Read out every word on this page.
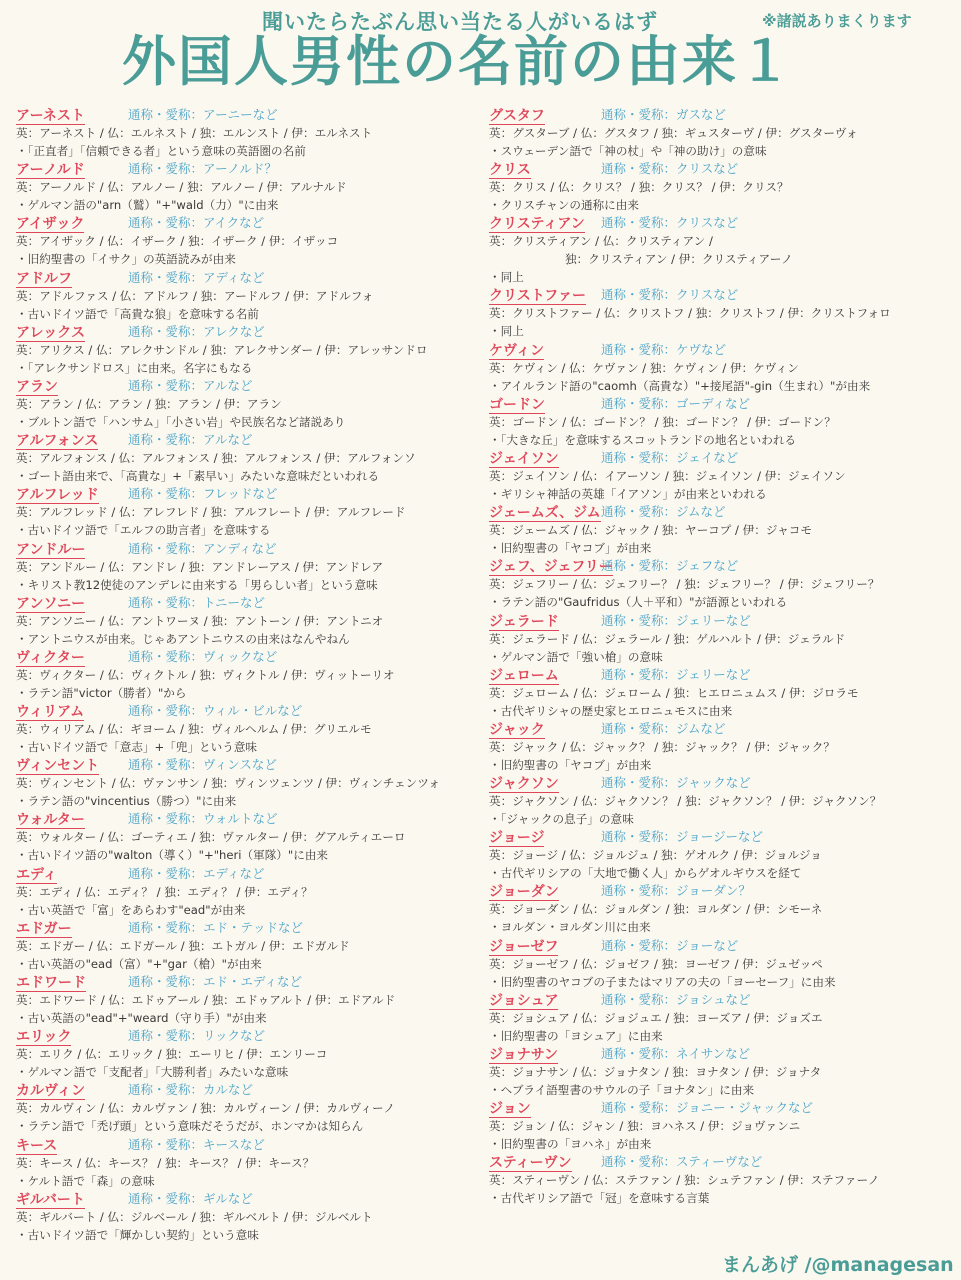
聞いたらたぶん思い当たる人がいるはず	※諸説ありまくります
外国人男性の名前の由来１
アーネスト	通称・愛称：アーニーなど
英：アーネスト / 仏：エルネスト / 独：エルンスト / 伊：エルネスト
・「正直者」「信頼できる者」という意味の英語圏の名前
アーノルド	通称・愛称：アーノルド？
英：アーノルド / 仏：アルノー / 独：アルノー / 伊：アルナルド
・ゲルマン語の"arn（鷲）"+"wald（力）"に由来
アイザック	通称・愛称：アイクなど
英：アイザック / 仏：イザーク / 独：イザーク / 伊：イザッコ
・旧約聖書の「イサク」の英語読みが由来
アドルフ	通称・愛称：アディなど
英：アドルファス / 仏：アドルフ / 独：アードルフ / 伊：アドルフォ
・古いドイツ語で「高貴な狼」を意味する名前
アレックス	通称・愛称：アレクなど
英：アリクス / 仏：アレクサンドル / 独：アレクサンダー / 伊：アレッサンドロ
・「アレクサンドロス」に由来。名字にもなる
アラン	通称・愛称：アルなど
英：アラン / 仏：アラン / 独：アラン / 伊：アラン
・ブルトン語で「ハンサム」「小さい岩」や民族名など諸説あり
アルフォンス 通称・愛称：アルなど
英：アルフォンス / 仏：アルフォンス / 独：アルフォンス / 伊：アルフォンソ
・ゴート語由来で、「高貴な」+「素早い」みたいな意味だといわれる
アルフレッド 通称・愛称：フレッドなど
英：アルフレッド / 仏：アレフレド / 独：アルフレート / 伊：アルフレード
・古いドイツ語で「エルフの助言者」を意味する
アンドルー	通称・愛称：アンディなど
英：アンドルー / 仏：アンドレ / 独：アンドレーアス / 伊：アンドレア
・キリスト教12使徒のアンデレに由来する「男らしい者」という意味
アンソニー	通称・愛称：トニーなど
英：アンソニー / 仏：アントワーヌ / 独：アントーン / 伊：アントニオ
・アントニウスが由来。じゃあアントニウスの由来はなんやねん
ヴィクター	通称・愛称：ヴィックなど
英：ヴィクター / 仏：ヴィクトル / 独：ヴィクトル / 伊：ヴィットーリオ
・ラテン語"victor（勝者）"から
ウィリアム	通称・愛称：ウィル・ビルなど
英：ウィリアム / 仏：ギヨーム / 独：ヴィルヘルム / 伊：グリエルモ
・古いドイツ語で「意志」+「兜」という意味
ヴィンセント 通称・愛称：ヴィンスなど
英：ヴィンセント / 仏：ヴァンサン / 独：ヴィンツェンツ / 伊：ヴィンチェンツォ
・ラテン語の"vincentius（勝つ）"に由来
ウォルター	通称・愛称：ウォルトなど
英：ウォルター / 仏：ゴーティエ / 独：ヴァルター / 伊：グアルティエーロ
・古いドイツ語の"walton（導く）"+"heri（軍隊）"に由来
エディ	通称・愛称：エディなど
英：エディ / 仏：エディ？ / 独：エディ？ / 伊：エディ？
・古い英語で「富」をあらわす"ead"が由来
エドガー	通称・愛称：エド・テッドなど
英：エドガー / 仏：エドガール / 独：エトガル / 伊：エドガルド
・古い英語の"ead（富）"+"gar（槍）"が由来
エドワード	通称・愛称：エド・エディなど
英：エドワード / 仏：エドゥアール / 独：エドゥアルト / 伊：エドアルド
・古い英語の"ead"+"weard（守り手）"が由来
エリック	通称・愛称：リックなど
英：エリク / 仏：エリック / 独：エーリヒ / 伊：エンリーコ
・ゲルマン語で「支配者」「大勝利者」みたいな意味
カルヴィン	通称・愛称：カルなど
英：カルヴィン / 仏：カルヴァン / 独：カルヴィーン / 伊：カルヴィーノ
・ラテン語で「禿げ頭」という意味だそうだが、ホンマかは知らん
キース	通称・愛称：キースなど
英：キース / 仏：キース？ / 独：キース？ / 伊：キース？
・ケルト語で「森」の意味
ギルバート	通称・愛称：ギルなど
英：ギルバート / 仏：ジルベール / 独：ギルベルト / 伊：ジルベルト
・古いドイツ語で「輝かしい契約」という意味
グスタフ	通称・愛称：ガスなど
英：グスターブ / 仏：グスタフ / 独：ギュスターヴ / 伊：グスターヴォ
・スウェーデン語で「神の杖」や「神の助け」の意味
クリス	通称・愛称：クリスなど
英：クリス / 仏：クリス？ / 独：クリス？ / 伊：クリス？
・クリスチャンの通称に由来
クリスティアン 通称・愛称：クリスなど
英：クリスティアン / 仏：クリスティアン /
独：クリスティアン / 伊：クリスティアーノ
・同上
クリストファー 通称・愛称：クリスなど
英：クリストファー / 仏：クリストフ / 独：クリストフ / 伊：クリストフォロ
・同上
ケヴィン	通称・愛称：ケヴなど
英：ケヴィン / 仏：ケヴァン / 独：ケヴィン / 伊：ケヴィン
・アイルランド語の"caomh（高貴な）"+接尾語"-gin（生まれ）"が由来
ゴードン	通称・愛称：ゴーディなど
英：ゴードン / 仏：ゴードン？ / 独：ゴードン？ / 伊：ゴードン？
・「大きな丘」を意味するスコットランドの地名といわれる
ジェイソン	通称・愛称：ジェイなど
英：ジェイソン / 仏：イアーソン / 独：ジェイソン / 伊：ジェイソン
・ギリシャ神話の英雄「イアソン」が由来といわれる
ジェームズ、ジム 通称・愛称：ジムなど
英：ジェームズ / 仏：ジャック / 独：ヤーコプ / 伊：ジャコモ
・旧約聖書の「ヤコブ」が由来
ジェフ、ジェフリー
通称・愛称：ジェフなど
英：ジェフリー / 仏：ジェフリー？ / 独：ジェフリー？ / 伊：ジェフリー？
・ラテン語の"Gaufridus（人＋平和）"が語源といわれる
ジェラード	通称・愛称：ジェリーなど
英：ジェラード / 仏：ジェラール / 独：ゲルハルト / 伊：ジェラルド
・ゲルマン語で「強い槍」の意味
ジェローム	通称・愛称：ジェリーなど
英：ジェローム / 仏：ジェローム / 独：ヒエロニュムス / 伊：ジロラモ
・古代ギリシャの歴史家ヒエロニュモスに由来
ジャック	通称・愛称：ジムなど
英：ジャック / 仏：ジャック？ / 独：ジャック？ / 伊：ジャック？
・旧約聖書の「ヤコブ」が由来
ジャクソン	通称・愛称：ジャックなど
英：ジャクソン / 仏：ジャクソン？ / 独：ジャクソン？ / 伊：ジャクソン？
・「ジャックの息子」の意味
ジョージ	通称・愛称：ジョージーなど
英：ジョージ / 仏：ジョルジュ / 独：ゲオルク / 伊：ジョルジョ
・古代ギリシアの「大地で働く人」からゲオルギウスを経て
ジョーダン	通称・愛称：ジョーダン？
英：ジョーダン / 仏：ジョルダン / 独：ヨルダン / 伊：シモーネ
・ヨルダン・ヨルダン川に由来
ジョーゼフ	通称・愛称：ジョーなど
英：ジョーゼフ / 仏：ジョゼフ / 独：ヨーゼフ / 伊：ジュゼッペ
・旧約聖書のヤコブの子またはマリアの夫の「ヨーセーフ」に由来
ジョシュア	通称・愛称：ジョシュなど
英：ジョシュア / 仏：ジョジュエ / 独：ヨーズア / 伊：ジョズエ
・旧約聖書の「ヨシュア」に由来
ジョナサン	通称・愛称：ネイサンなど
英：ジョナサン / 仏：ジョナタン / 独：ヨナタン / 伊：ジョナタ
・ヘブライ語聖書のサウルの子「ヨナタン」に由来
ジョン	通称・愛称：ジョニー・ジャックなど
英：ジョン / 仏：ジャン / 独：ヨハネス / 伊：ジョヴァンニ
・旧約聖書の「ヨハネ」が由来
スティーヴン 通称・愛称：スティーヴなど
英：スティーヴン / 仏：ステファン / 独：シュテファン / 伊：ステファーノ
・古代ギリシア語で「冠」を意味する言葉
まんあげ /@managesan
